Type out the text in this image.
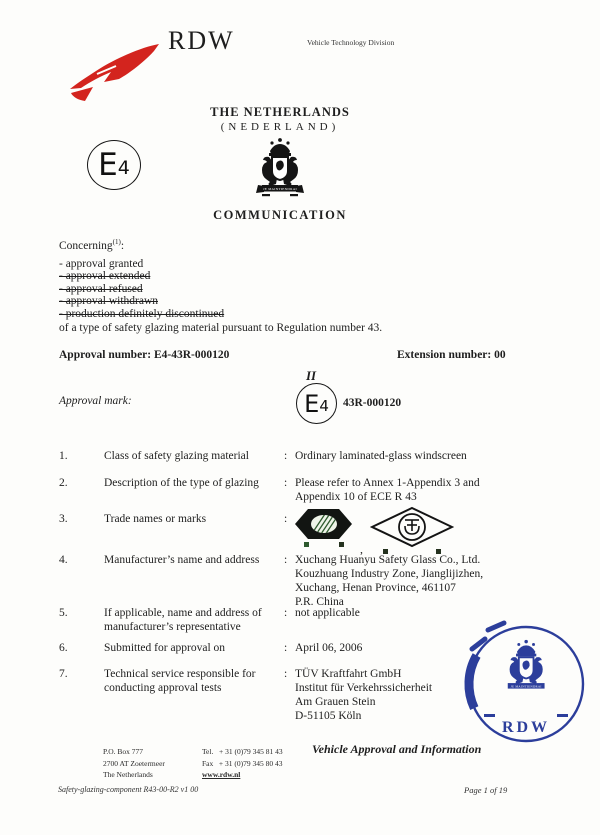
RDW	Vehicle Technology Division
THE NETHERLANDS
(NEDERLAND)
JE MAINTIENDRAI
COMMUNICATION
E 4
Concerning$^{(1)}$:
- approval granted
- approval extended
- approval refused
- approval withdrawn
- production definitely discontinued
of a type of safety glazing material pursuant to Regulation number 43.
Approval number: E4-43R-000120	Extension number: 00
Approval mark:
II
E 4 43R-000120
1.	Class of safety glazing material	: Ordinary laminated-glass windscreen
2.	Description of the type of glazing	: Please refer to Annex 1-Appendix 3 and
Appendix 10 of ECE R 43
3.	Trade names or marks	:
,
4.	Manufacturer’s name and address	: Xuchang Huanyu Safety Glass Co., Ltd.
Kouzhuang Industry Zone, Jianglijizhen,
Xuchang, Henan Province, 461107
P.R. China
5.	If applicable, name and address of
manufacturer’s representative
: not applicable
6.	Submitted for approval on	: April 06, 2006
7.	Technical service responsible for
conducting approval tests
: TÜV Kraftfahrt GmbH
Institut für Verkehrssicherheit
Am Grauen Stein
D-51105 Köln
JE MAINTIENDRAI
RDW
P.O. Box 777
2700 AT Zoetermeer
The Netherlands
Tel.   + 31 (0)79 345 81 43
Fax   + 31 (0)79 345 80 43
www.rdw.nl
Vehicle Approval and Information
Safety-glazing-component R43-00-R2 v1 00	Page 1 of 19
